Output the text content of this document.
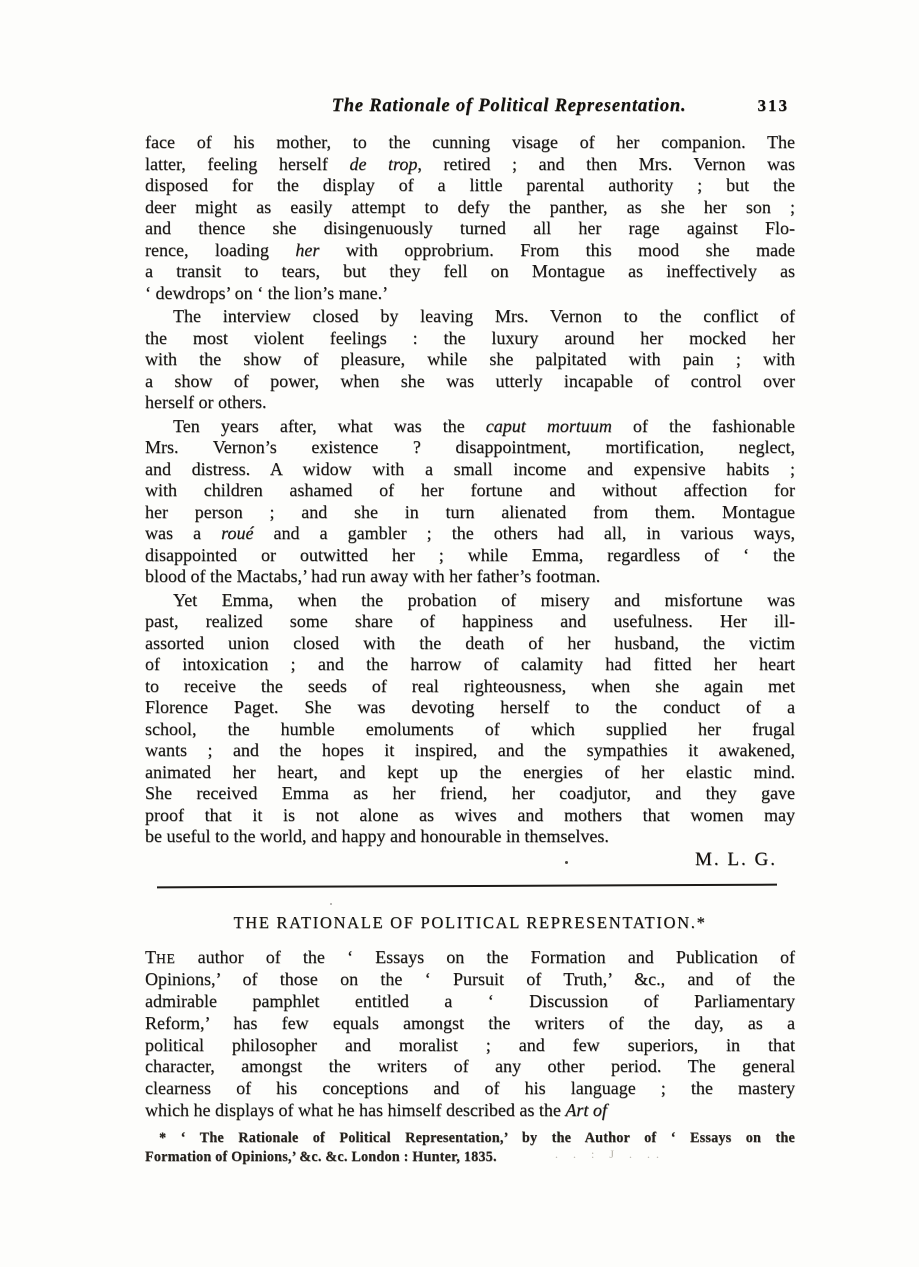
The Rationale of Political Representation.	313
face of his mother, to the cunning visage of her companion. The
latter, feeling herself de trop, retired ; and then Mrs. Vernon was
disposed for the display of a little parental authority ; but the
deer might as easily attempt to defy the panther, as she her son ;
and thence she disingenuously turned all her rage against Flo-
rence, loading her with opprobrium. From this mood she made
a transit to tears, but they fell on Montague as ineffectively as
‘ dewdrops’ on ‘ the lion’s mane.’
The interview closed by leaving Mrs. Vernon to the conflict of
the most violent feelings : the luxury around her mocked her
with the show of pleasure, while she palpitated with pain ; with
a show of power, when she was utterly incapable of control over
herself or others.
Ten years after, what was the caput mortuum of the fashionable
Mrs. Vernon’s existence ? disappointment, mortification, neglect,
and distress. A widow with a small income and expensive habits ;
with children ashamed of her fortune and without affection for
her person ; and she in turn alienated from them. Montague
was a roué and a gambler ; the others had all, in various ways,
disappointed or outwitted her ; while Emma, regardless of ‘ the
blood of the Mactabs,’ had run away with her father’s footman.
Yet Emma, when the probation of misery and misfortune was
past, realized some share of happiness and usefulness. Her ill-
assorted union closed with the death of her husband, the victim
of intoxication ; and the harrow of calamity had fitted her heart
to receive the seeds of real righteousness, when she again met
Florence Paget. She was devoting herself to the conduct of a
school, the humble emoluments of which supplied her frugal
wants ; and the hopes it inspired, and the sympathies it awakened,
animated her heart, and kept up the energies of her elastic mind.
She received Emma as her friend, her coadjutor, and they gave
proof that it is not alone as wives and mothers that women may
be useful to the world, and happy and honourable in themselves.
M. L. G.
THE RATIONALE OF POLITICAL REPRESENTATION.*
THE author of the ‘ Essays on the Formation and Publication of
Opinions,’ of those on the ‘ Pursuit of Truth,’ &c., and of the
admirable pamphlet entitled a ‘ Discussion of Parliamentary
Reform,’ has few equals amongst the writers of the day, as a
political philosopher and moralist ; and few superiors, in that
character, amongst the writers of any other period. The general
clearness of his conceptions and of his language ; the mastery
which he displays of what he has himself described as the Art of
* ‘ The Rationale of Political Representation,’ by the Author of ‘ Essays on the
Formation of Opinions,’ &c. &c. London : Hunter, 1835.	. . : J . ..
